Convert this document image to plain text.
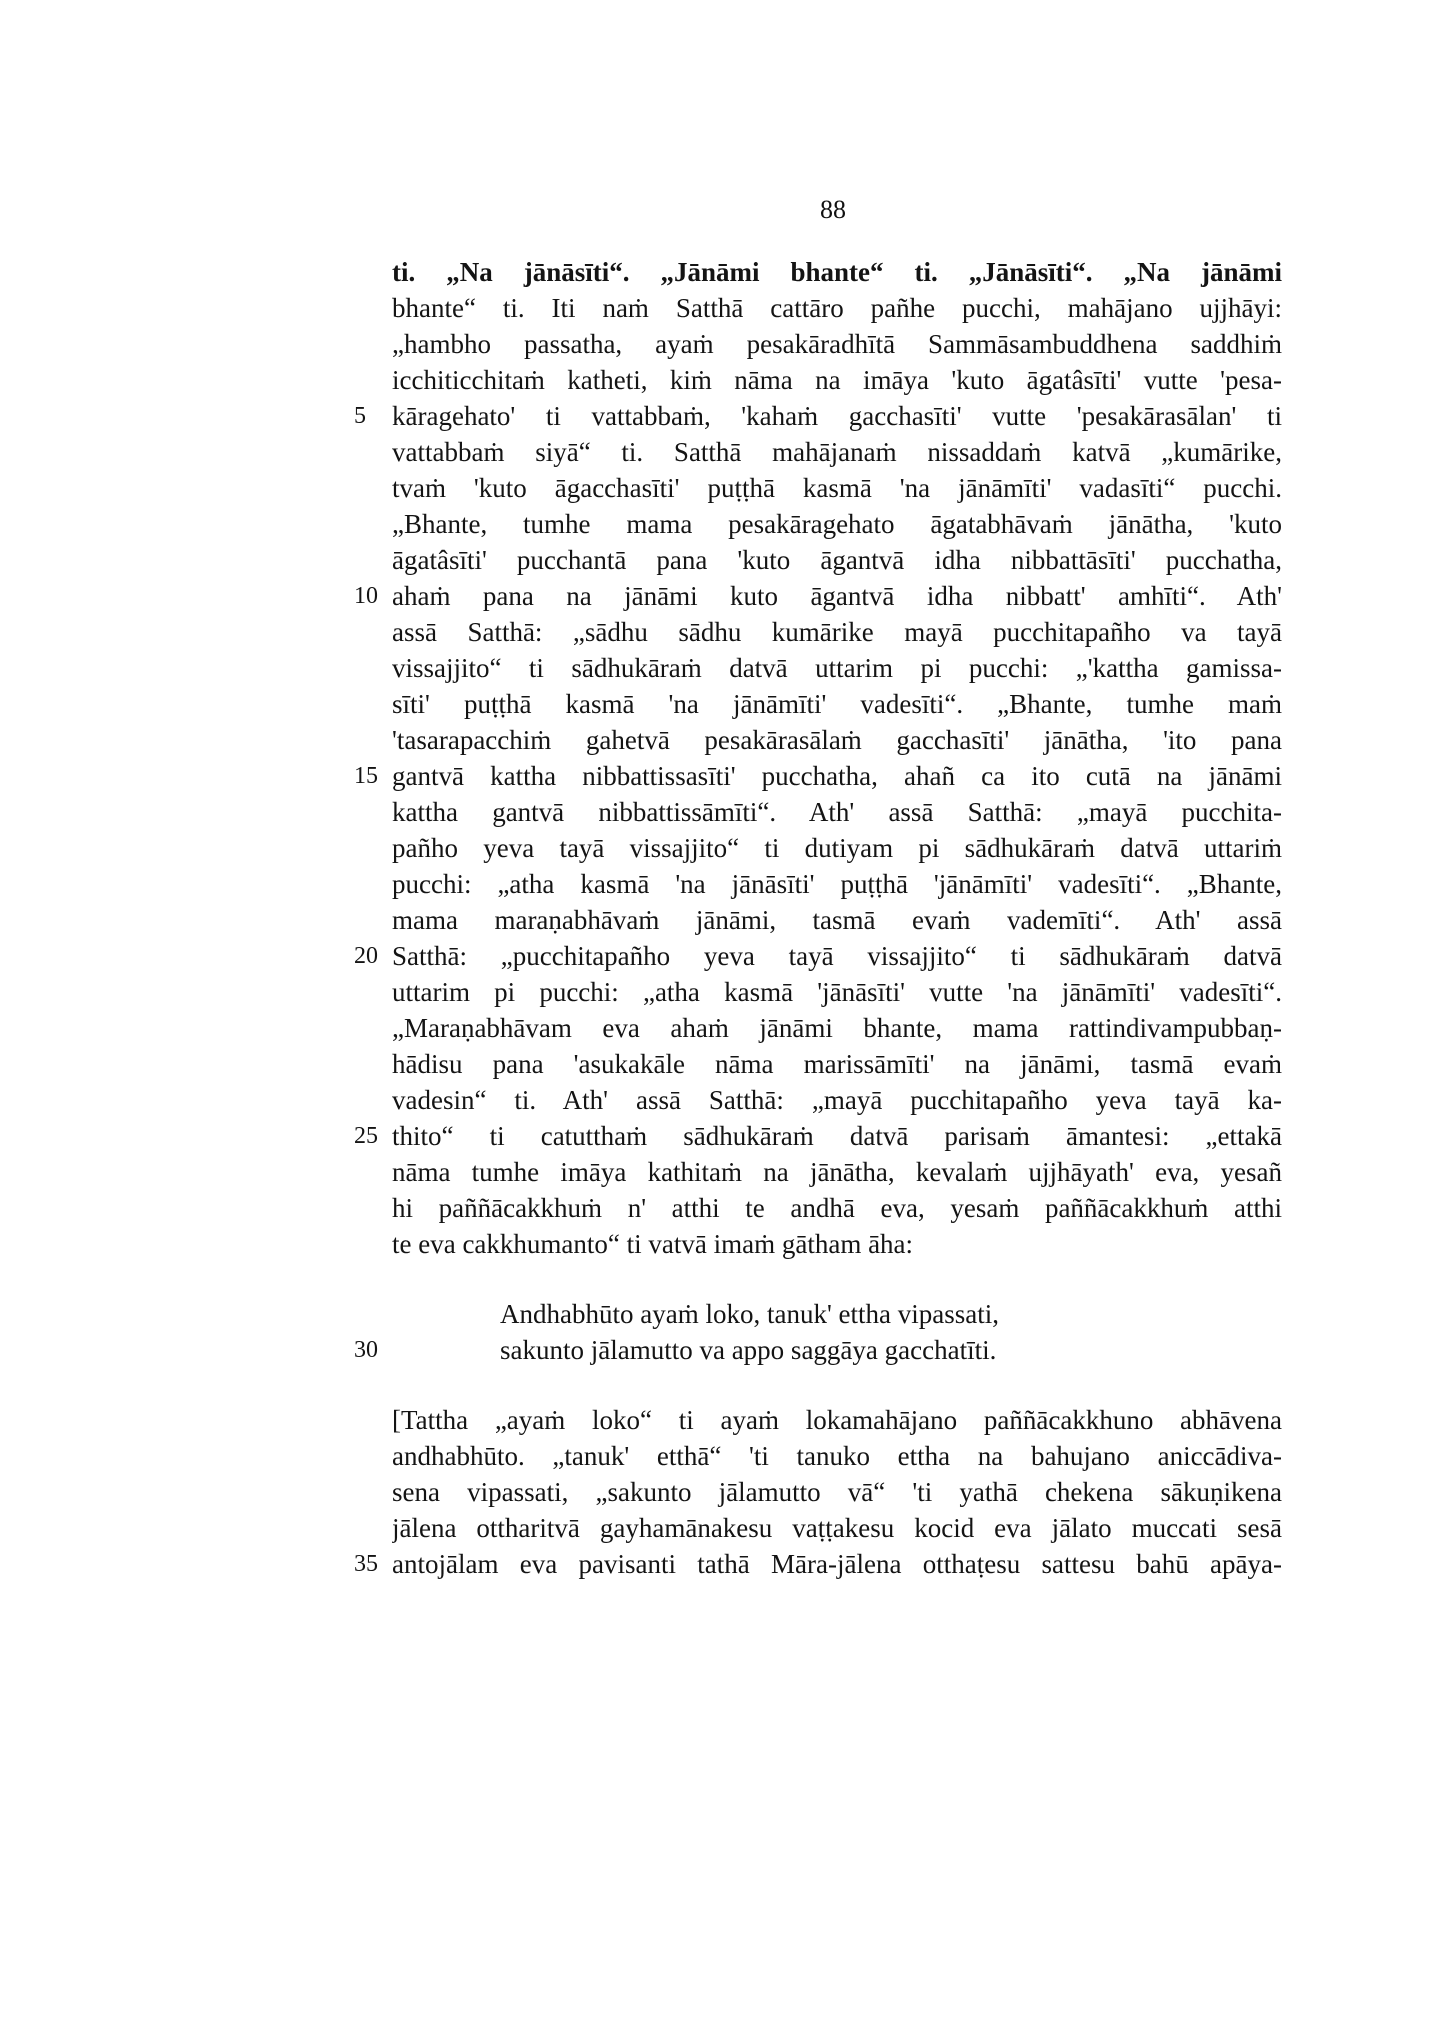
88
ti. „Na jānāsīti“. „Jānāmi bhante“ ti. „Jānāsīti“. „Na jānāmi
bhante“ ti. Iti naṁ Satthā cattāro pañhe pucchi, mahājano ujjhāyi:
„hambho passatha, ayaṁ pesakāradhītā Sammāsambuddhena saddhiṁ
icchiticchitaṁ katheti, kiṁ nāma na imāya 'kuto āgatâsīti' vutte 'pesa-
5 kāragehato' ti vattabbaṁ, 'kahaṁ gacchasīti' vutte 'pesakārasālan' ti
vattabbaṁ siyā“ ti. Satthā mahājanaṁ nissaddaṁ katvā „kumārike,
tvaṁ 'kuto āgacchasīti' puṭṭhā kasmā 'na jānāmīti' vadasīti“ pucchi.
„Bhante, tumhe mama pesakāragehato āgatabhāvaṁ jānātha, 'kuto
āgatâsīti' pucchantā pana 'kuto āgantvā idha nibbattāsīti' pucchatha,
10 ahaṁ pana na jānāmi kuto āgantvā idha nibbatt' amhīti“. Ath'
assā Satthā: „sādhu sādhu kumārike mayā pucchitapañho va tayā
vissajjito“ ti sādhukāraṁ datvā uttarim pi pucchi: „'kattha gamissa-
sīti' puṭṭhā kasmā 'na jānāmīti' vadesīti“. „Bhante, tumhe maṁ
'tasarapacchiṁ gahetvā pesakārasālaṁ gacchasīti' jānātha, 'ito pana
15 gantvā kattha nibbattissasīti' pucchatha, ahañ ca ito cutā na jānāmi
kattha gantvā nibbattissāmīti“. Ath' assā Satthā: „mayā pucchita-
pañho yeva tayā vissajjito“ ti dutiyam pi sādhukāraṁ datvā uttariṁ
pucchi: „atha kasmā 'na jānāsīti' puṭṭhā 'jānāmīti' vadesīti“. „Bhante,
mama maraṇabhāvaṁ jānāmi, tasmā evaṁ vademīti“. Ath' assā
20 Satthā: „pucchitapañho yeva tayā vissajjito“ ti sādhukāraṁ datvā
uttarim pi pucchi: „atha kasmā 'jānāsīti' vutte 'na jānāmīti' vadesīti“.
„Maraṇabhāvam eva ahaṁ jānāmi bhante, mama rattindivampubbaṇ-
hādisu pana 'asukakāle nāma marissāmīti' na jānāmi, tasmā evaṁ
vadesin“ ti. Ath' assā Satthā: „mayā pucchitapañho yeva tayā ka-
25 thito“ ti catutthaṁ sādhukāraṁ datvā parisaṁ āmantesi: „ettakā
nāma tumhe imāya kathitaṁ na jānātha, kevalaṁ ujjhāyath' eva, yesañ
hi paññācakkhuṁ n' atthi te andhā eva, yesaṁ paññācakkhuṁ atthi
te eva cakkhumanto“ ti vatvā imaṁ gātham āha:
Andhabhūto ayaṁ loko, tanuk' ettha vipassati,
30	sakunto jālamutto va appo saggāya gacchatīti.
[Tattha „ayaṁ loko“ ti ayaṁ lokamahājano paññācakkhuno abhāvena
andhabhūto. „tanuk' etthā“ 'ti tanuko ettha na bahujano aniccādiva-
sena vipassati, „sakunto jālamutto vā“ 'ti yathā chekena sākuṇikena
jālena ottharitvā gayhamānakesu vaṭṭakesu kocid eva jālato muccati sesā
35 antojālam eva pavisanti tathā Māra-jālena otthaṭesu sattesu bahū apāya-
